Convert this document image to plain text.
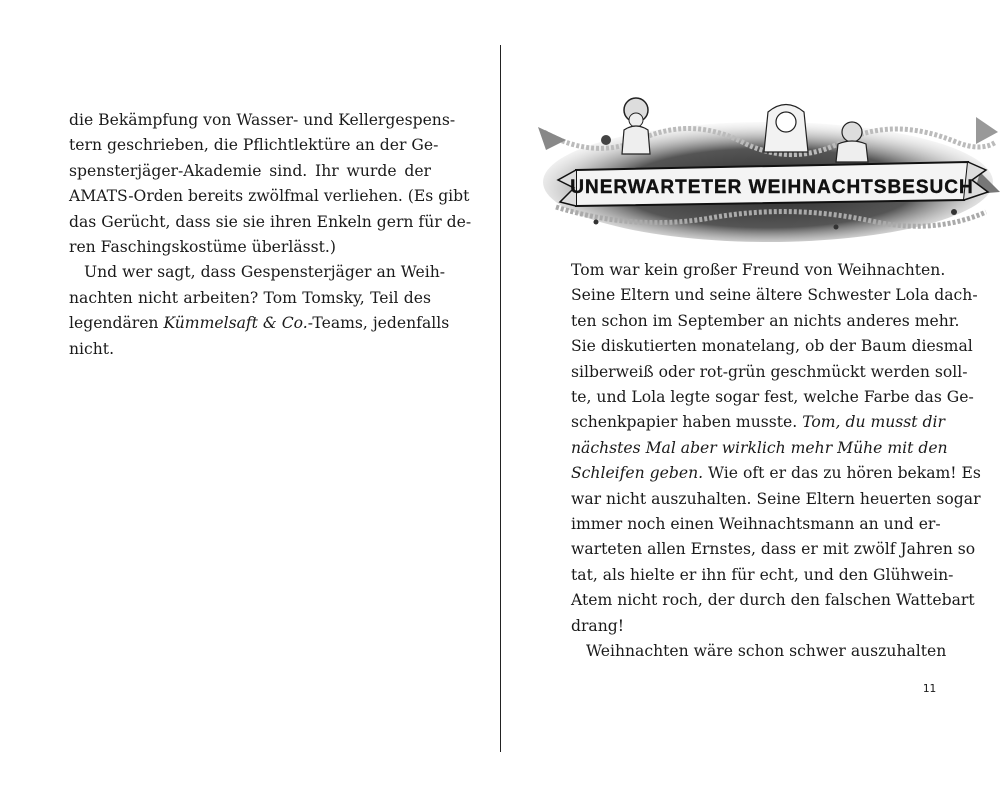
die Bekämpfung von Wasser- und Kellergespens-
tern geschrieben, die Pflichtlektüre an der Ge-
spensterjäger-Akademie sind. Ihr wurde der
AMATS-Orden bereits zwölfmal verliehen. (Es gibt
das Gerücht, dass sie sie ihren Enkeln gern für de-
ren Faschingskostüme überlässt.)
Und wer sagt, dass Gespensterjäger an Weih-
nachten nicht arbeiten? Tom Tomsky, Teil des
legendären Kümmelsaft & Co.-Teams, jedenfalls
nicht.
UNERWARTETER WEIHNACHTSBESUCH
Tom war kein großer Freund von Weihnachten.
Seine Eltern und seine ältere Schwester Lola dach-
ten schon im September an nichts anderes mehr.
Sie diskutierten monatelang, ob der Baum diesmal
silberweiß oder rot-grün geschmückt werden soll-
te, und Lola legte sogar fest, welche Farbe das Ge-
schenkpapier haben musste. Tom, du musst dir
nächstes Mal aber wirklich mehr Mühe mit den
Schleifen geben. Wie oft er das zu hören bekam! Es
war nicht auszuhalten. Seine Eltern heuerten sogar
immer noch einen Weihnachtsmann an und er-
warteten allen Ernstes, dass er mit zwölf Jahren so
tat, als hielte er ihn für echt, und den Glühwein-
Atem nicht roch, der durch den falschen Wattebart
drang!
Weihnachten wäre schon schwer auszuhalten
11
